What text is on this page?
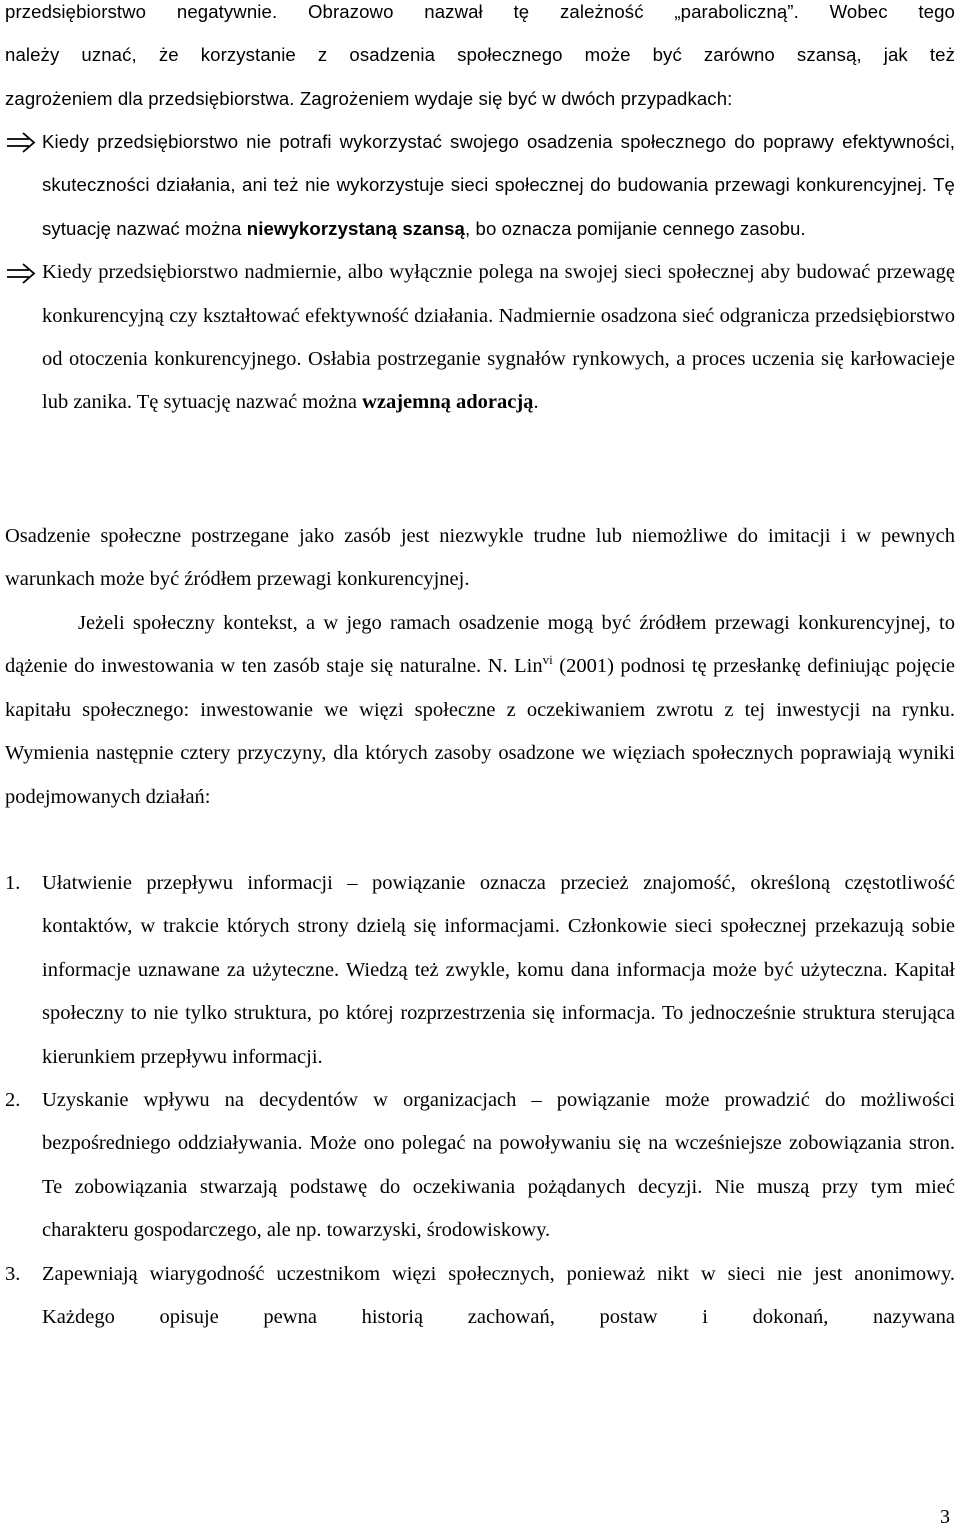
przedsiębiorstwo negatywnie. Obrazowo nazwał tę zależność „paraboliczną”. Wobec tego

należy uznać, że korzystanie z osadzenia społecznego może być zarówno szansą, jak też

zagrożeniem dla przedsiębiorstwa. Zagrożeniem wydaje się być w dwóch przypadkach:

Kiedy przedsiębiorstwo nie potrafi wykorzystać swojego osadzenia społecznego do poprawy efektywności, skuteczności działania, ani też nie wykorzystuje sieci społecznej do budowania przewagi konkurencyjnej. Tę sytuację nazwać można niewykorzystaną szansą, bo oznacza pomijanie cennego zasobu.

Kiedy przedsiębiorstwo nadmiernie, albo wyłącznie polega na swojej sieci społecznej aby budować przewagę konkurencyjną czy kształtować efektywność działania. Nadmiernie osadzona sieć odgranicza przedsiębiorstwo od otoczenia konkurencyjnego. Osłabia postrzeganie sygnałów rynkowych, a proces uczenia się karłowacieje lub zanika. Tę sytuację nazwać można wzajemną adoracją.

Osadzenie społeczne postrzegane jako zasób jest niezwykle trudne lub niemożliwe do imitacji i w pewnych warunkach może być źródłem przewagi konkurencyjnej.

Jeżeli społeczny kontekst, a w jego ramach osadzenie mogą być źródłem przewagi konkurencyjnej, to dążenie do inwestowania w ten zasób staje się naturalne. N. Lin$^{vi}$ (2001) podnosi tę przesłankę definiując pojęcie kapitału społecznego: inwestowanie we więzi społeczne z oczekiwaniem zwrotu z tej inwestycji na rynku. Wymienia następnie cztery przyczyny, dla których zasoby osadzone we więziach społecznych poprawiają wyniki podejmowanych działań:

1. Ułatwienie przepływu informacji – powiązanie oznacza przecież znajomość, określoną częstotliwość kontaktów, w trakcie których strony dzielą się informacjami. Członkowie sieci społecznej przekazują sobie informacje uznawane za użyteczne. Wiedzą też zwykle, komu dana informacja może być użyteczna. Kapitał społeczny to nie tylko struktura, po której rozprzestrzenia się informacja. To jednocześnie struktura sterująca kierunkiem przepływu informacji.

2. Uzyskanie wpływu na decydentów w organizacjach – powiązanie może prowadzić do możliwości bezpośredniego oddziaływania. Może ono polegać na powoływaniu się na wcześniejsze zobowiązania stron. Te zobowiązania stwarzają podstawę do oczekiwania pożądanych decyzji. Nie muszą przy tym mieć charakteru gospodarczego, ale np. towarzyski, środowiskowy.

3. Zapewniają wiarygodność uczestnikom więzi społecznych, ponieważ nikt w sieci nie jest anonimowy. Każdego opisuje pewna historią zachowań, postaw i dokonań, nazywana

3
